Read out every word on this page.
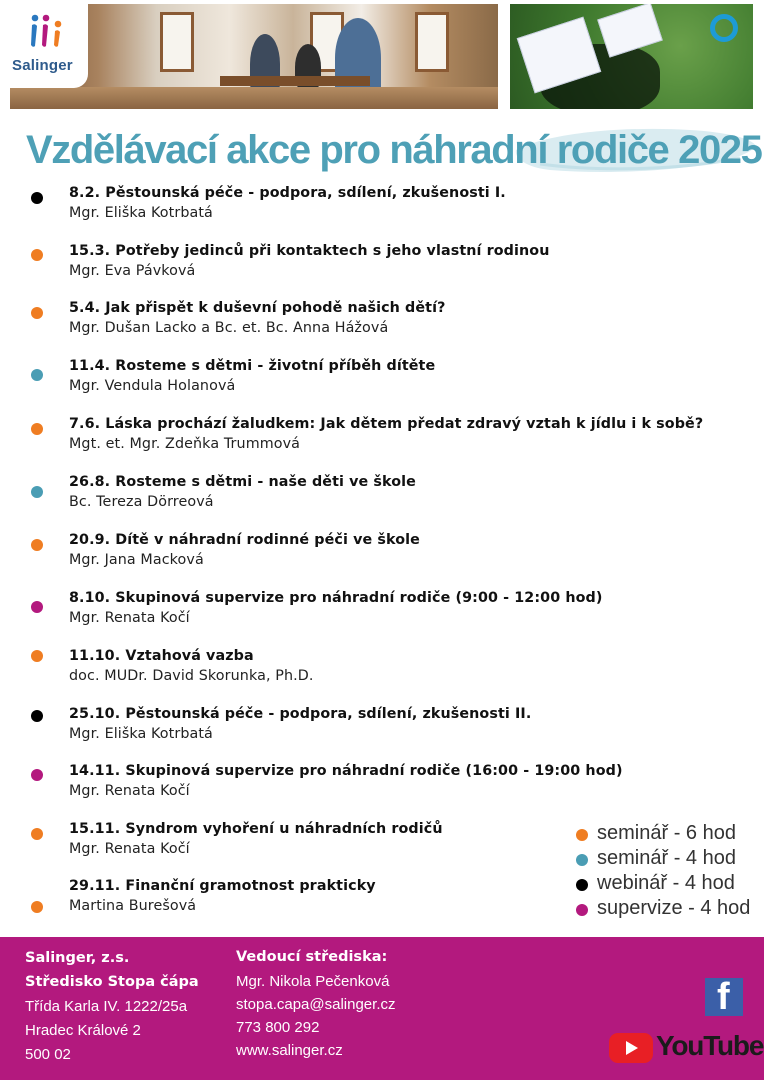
Salinger
Vzdělávací akce pro náhradní rodiče 2025
8.2. Pěstounská péče - podpora, sdílení, zkušenosti I.
Mgr. Eliška Kotrbatá
15.3. Potřeby jedinců při kontaktech s jeho vlastní rodinou
Mgr. Eva Pávková
5.4. Jak přispět k duševní pohodě našich dětí?
Mgr. Dušan Lacko a Bc. et. Bc. Anna Hážová
11.4. Rosteme s dětmi - životní příběh dítěte
Mgr. Vendula Holanová
7.6. Láska prochází žaludkem: Jak dětem předat zdravý vztah k jídlu i k sobě?
Mgt. et. Mgr. Zdeňka Trummová
26.8. Rosteme s dětmi - naše děti ve škole
Bc. Tereza Dörreová
20.9. Dítě v náhradní rodinné péči ve škole
Mgr. Jana Macková
8.10. Skupinová supervize pro náhradní rodiče (9:00 - 12:00 hod)
Mgr. Renata Kočí
11.10. Vztahová vazba
doc. MUDr. David Skorunka, Ph.D.
25.10. Pěstounská péče - podpora, sdílení, zkušenosti II.
Mgr. Eliška Kotrbatá
14.11. Skupinová supervize pro náhradní rodiče (16:00 - 19:00 hod)
Mgr. Renata Kočí
15.11. Syndrom vyhoření u náhradních rodičů
Mgr. Renata Kočí
29.11. Finanční gramotnost prakticky
Martina Burešová
seminář - 6 hod
seminář - 4 hod
webinář - 4 hod
supervize - 4 hod
Salinger, z.s.
Středisko Stopa čápa
Třída Karla IV. 1222/25a
Hradec Králové 2
500 02
Vedoucí střediska:
Mgr. Nikola Pečenková
stopa.capa@salinger.cz
773 800 292
www.salinger.cz
f
YouTube
